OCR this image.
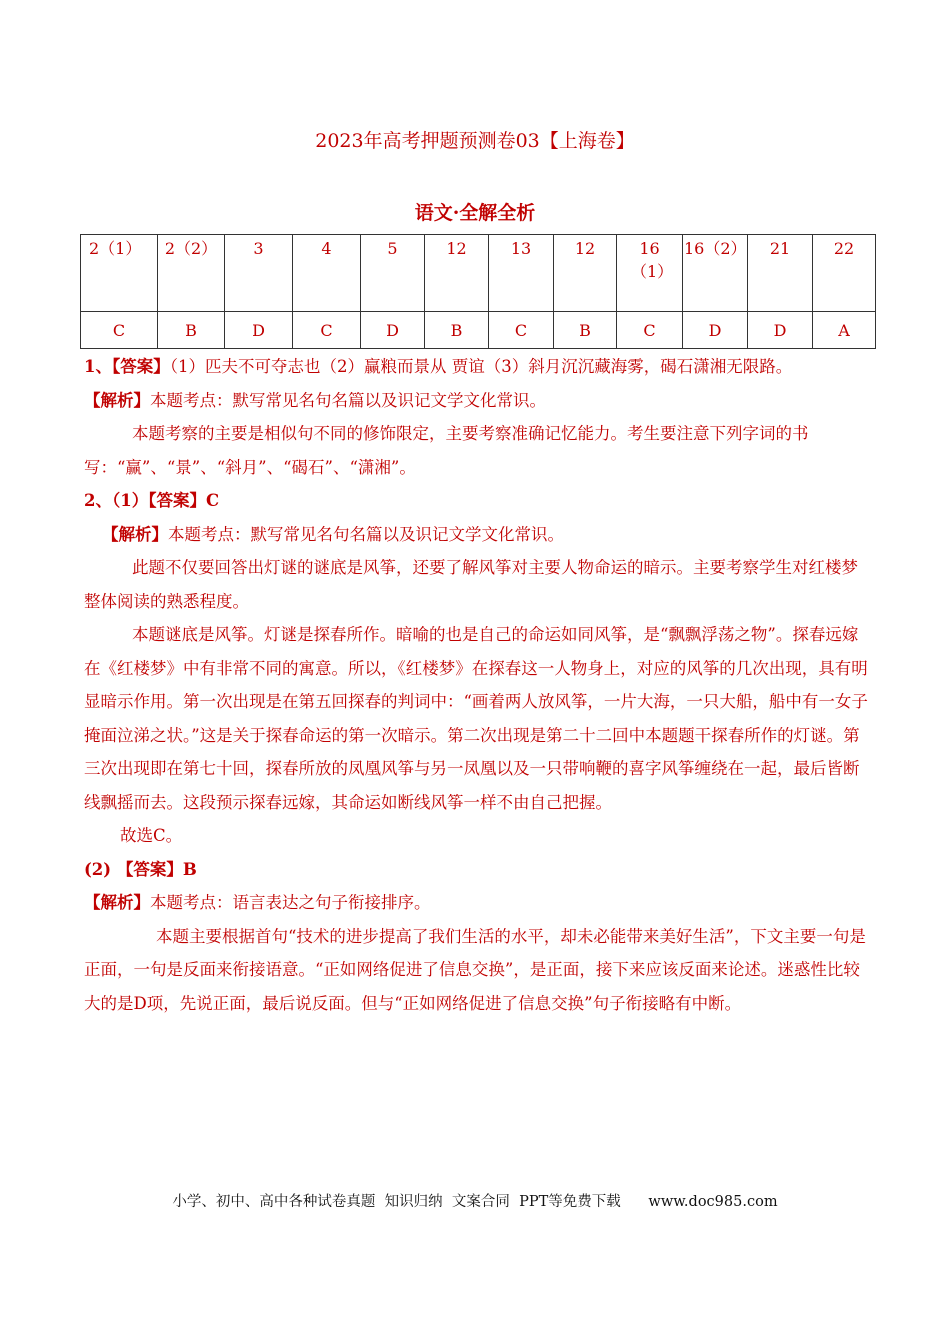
2023年高考押题预测卷03【上海卷】
语文·全解全析
2（1）	2（2）	3	4	5	12	13	12	16（1）	16（2）	21	22
C	B	D	C	D	B	C	B	C	D	D	A

1、【答案】（1）匹夫不可夺志也（2）赢粮而景从 贾谊（3）斜月沉沉藏海雾，碣石潇湘无限路。

【解析】本题考点：默写常见名句名篇以及识记文学文化常识。

本题考察的主要是相似句不同的修饰限定，主要考察准确记忆能力。考生要注意下列字词的书写：“赢”、“景”、“斜月”、“碣石”、“潇湘”。

2、（1）【答案】C

【解析】本题考点：默写常见名句名篇以及识记文学文化常识。

此题不仅要回答出灯谜的谜底是风筝，还要了解风筝对主要人物命运的暗示。主要考察学生对红楼梦整体阅读的熟悉程度。

本题谜底是风筝。灯谜是探春所作。暗喻的也是自己的命运如同风筝，是“飘飘浮荡之物”。探春远嫁在《红楼梦》中有非常不同的寓意。所以，《红楼梦》在探春这一人物身上，对应的风筝的几次出现，具有明显暗示作用。第一次出现是在第五回探春的判词中：“画着两人放风筝，一片大海，一只大船，船中有一女子掩面泣涕之状。”这是关于探春命运的第一次暗示。第二次出现是第二十二回中本题题干探春所作的灯谜。第三次出现即在第七十回，探春所放的凤凰风筝与另一凤凰以及一只带响鞭的喜字风筝缠绕在一起，最后皆断线飘摇而去。这段预示探春远嫁，其命运如断线风筝一样不由自己把握。

故选C。

(2) 【答案】B

【解析】本题考点：语言表达之句子衔接排序。

本题主要根据首句“技术的进步提高了我们生活的水平，却未必能带来美好生活”，下文主要一句是正面，一句是反面来衔接语意。“正如网络促进了信息交换”，是正面，接下来应该反面来论述。迷惑性比较大的是D项，先说正面，最后说反面。但与“正如网络促进了信息交换”句子衔接略有中断。

小学、初中、高中各种试卷真题  知识归纳  文案合同  PPT等免费下载 www.doc985.com
